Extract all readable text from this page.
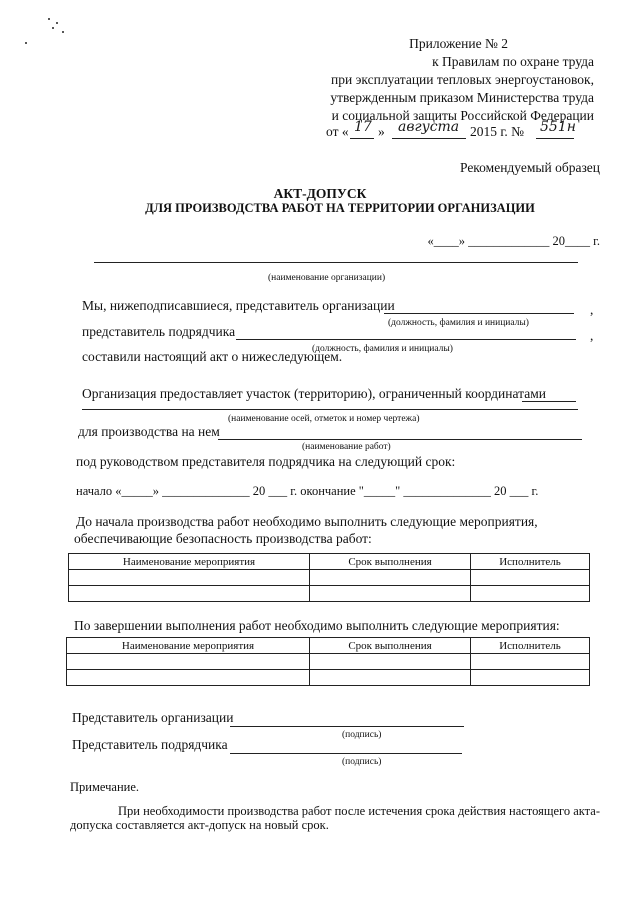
Приложение № 2
к Правилам по охране труда
при эксплуатации тепловых энергоустановок,
утвержденным приказом Министерства труда
и социальной защиты Российской Федерации
от « 17 » августа 2015 г. № 551н
Рекомендуемый образец
АКТ-ДОПУСК
ДЛЯ ПРОИЗВОДСТВА РАБОТ НА ТЕРРИТОРИИ ОРГАНИЗАЦИИ
«____» _____________ 20____ г.
(наименование организации)
Мы, нижеподписавшиеся, представитель организации	,
(должность, фамилия и инициалы)
представитель подрядчика	,
(должность, фамилия и инициалы)
составили настоящий акт о нижеследующем.
Организация предоставляет участок (территорию), ограниченный координатами
(наименование осей, отметок и номер чертежа)
для производства на нем
(наименование работ)
под руководством представителя подрядчика на следующий срок:
начало «_____» ______________ 20 ___ г. окончание "_____" ______________ 20 ___ г.
До начала производства работ необходимо выполнить следующие мероприятия,
обеспечивающие безопасность производства работ:
Наименование мероприятия	Срок выполнения	Исполнитель

По завершении выполнения работ необходимо выполнить следующие мероприятия:
Наименование мероприятия	Срок выполнения	Исполнитель

Представитель организации
(подпись)
Представитель подрядчика
(подпись)
Примечание.
При необходимости производства работ после истечения срока действия настоящего акта-
допуска составляется акт-допуск на новый срок.
